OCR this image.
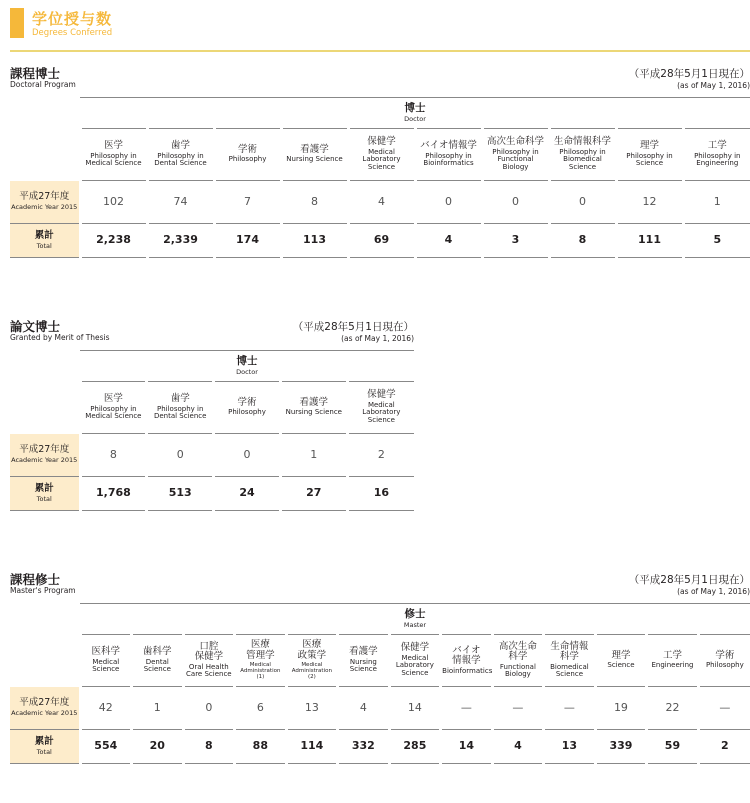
学位授与数
Degrees Conferred
課程博士
Doctoral Program
（平成28年5月1日現在）
(as of May 1, 2016)

	博士
Doctor									

	医学
Philosophy in Medical Science	歯学
Philosophy in Dental Science	学術
Philosophy	看護学
Nursing Science	保健学
Medical Laboratory Science	バイオ情報学
Philosophy in Bioinformatics	高次生命科学
Philosophy in Functional Biology	生命情報科学
Philosophy in Biomedical Science	理学
Philosophy in Science	工学
Philosophy in Engineering

平成27年度
Academic Year 2015	102	74	7	8	4	0	0	0	12	1

累計
Total	2,238	2,339	174	113	69	4	3	8	111	5
論文博士
Granted by Merit of Thesis
（平成28年5月1日現在）
(as of May 1, 2016)

	博士
Doctor				

	医学
Philosophy in Medical Science	歯学
Philosophy in Dental Science	学術
Philosophy	看護学
Nursing Science	保健学
Medical Laboratory Science

平成27年度
Academic Year 2015	8	0	0	1	2

累計
Total	1,768	513	24	27	16
課程修士
Master's Program
（平成28年5月1日現在）
(as of May 1, 2016)

	修士
Master												

	医科学
Medical Science	歯科学
Dental Science	口腔
保健学
Oral Health Care Science	医療
管理学
Medical Administration (1)	医療
政策学
Medical Administration (2)	看護学
Nursing Science	保健学
Medical Laboratory Science	バイオ
情報学
Bioinformatics	高次生命
科学
Functional Biology	生命情報
科学
Biomedical Science	理学
Science	工学
Engineering	学術
Philosophy

平成27年度
Academic Year 2015	42	1	0	6	13	4	14	—	—	—	19	22	—

累計
Total	554	20	8	88	114	332	285	14	4	13	339	59	2
